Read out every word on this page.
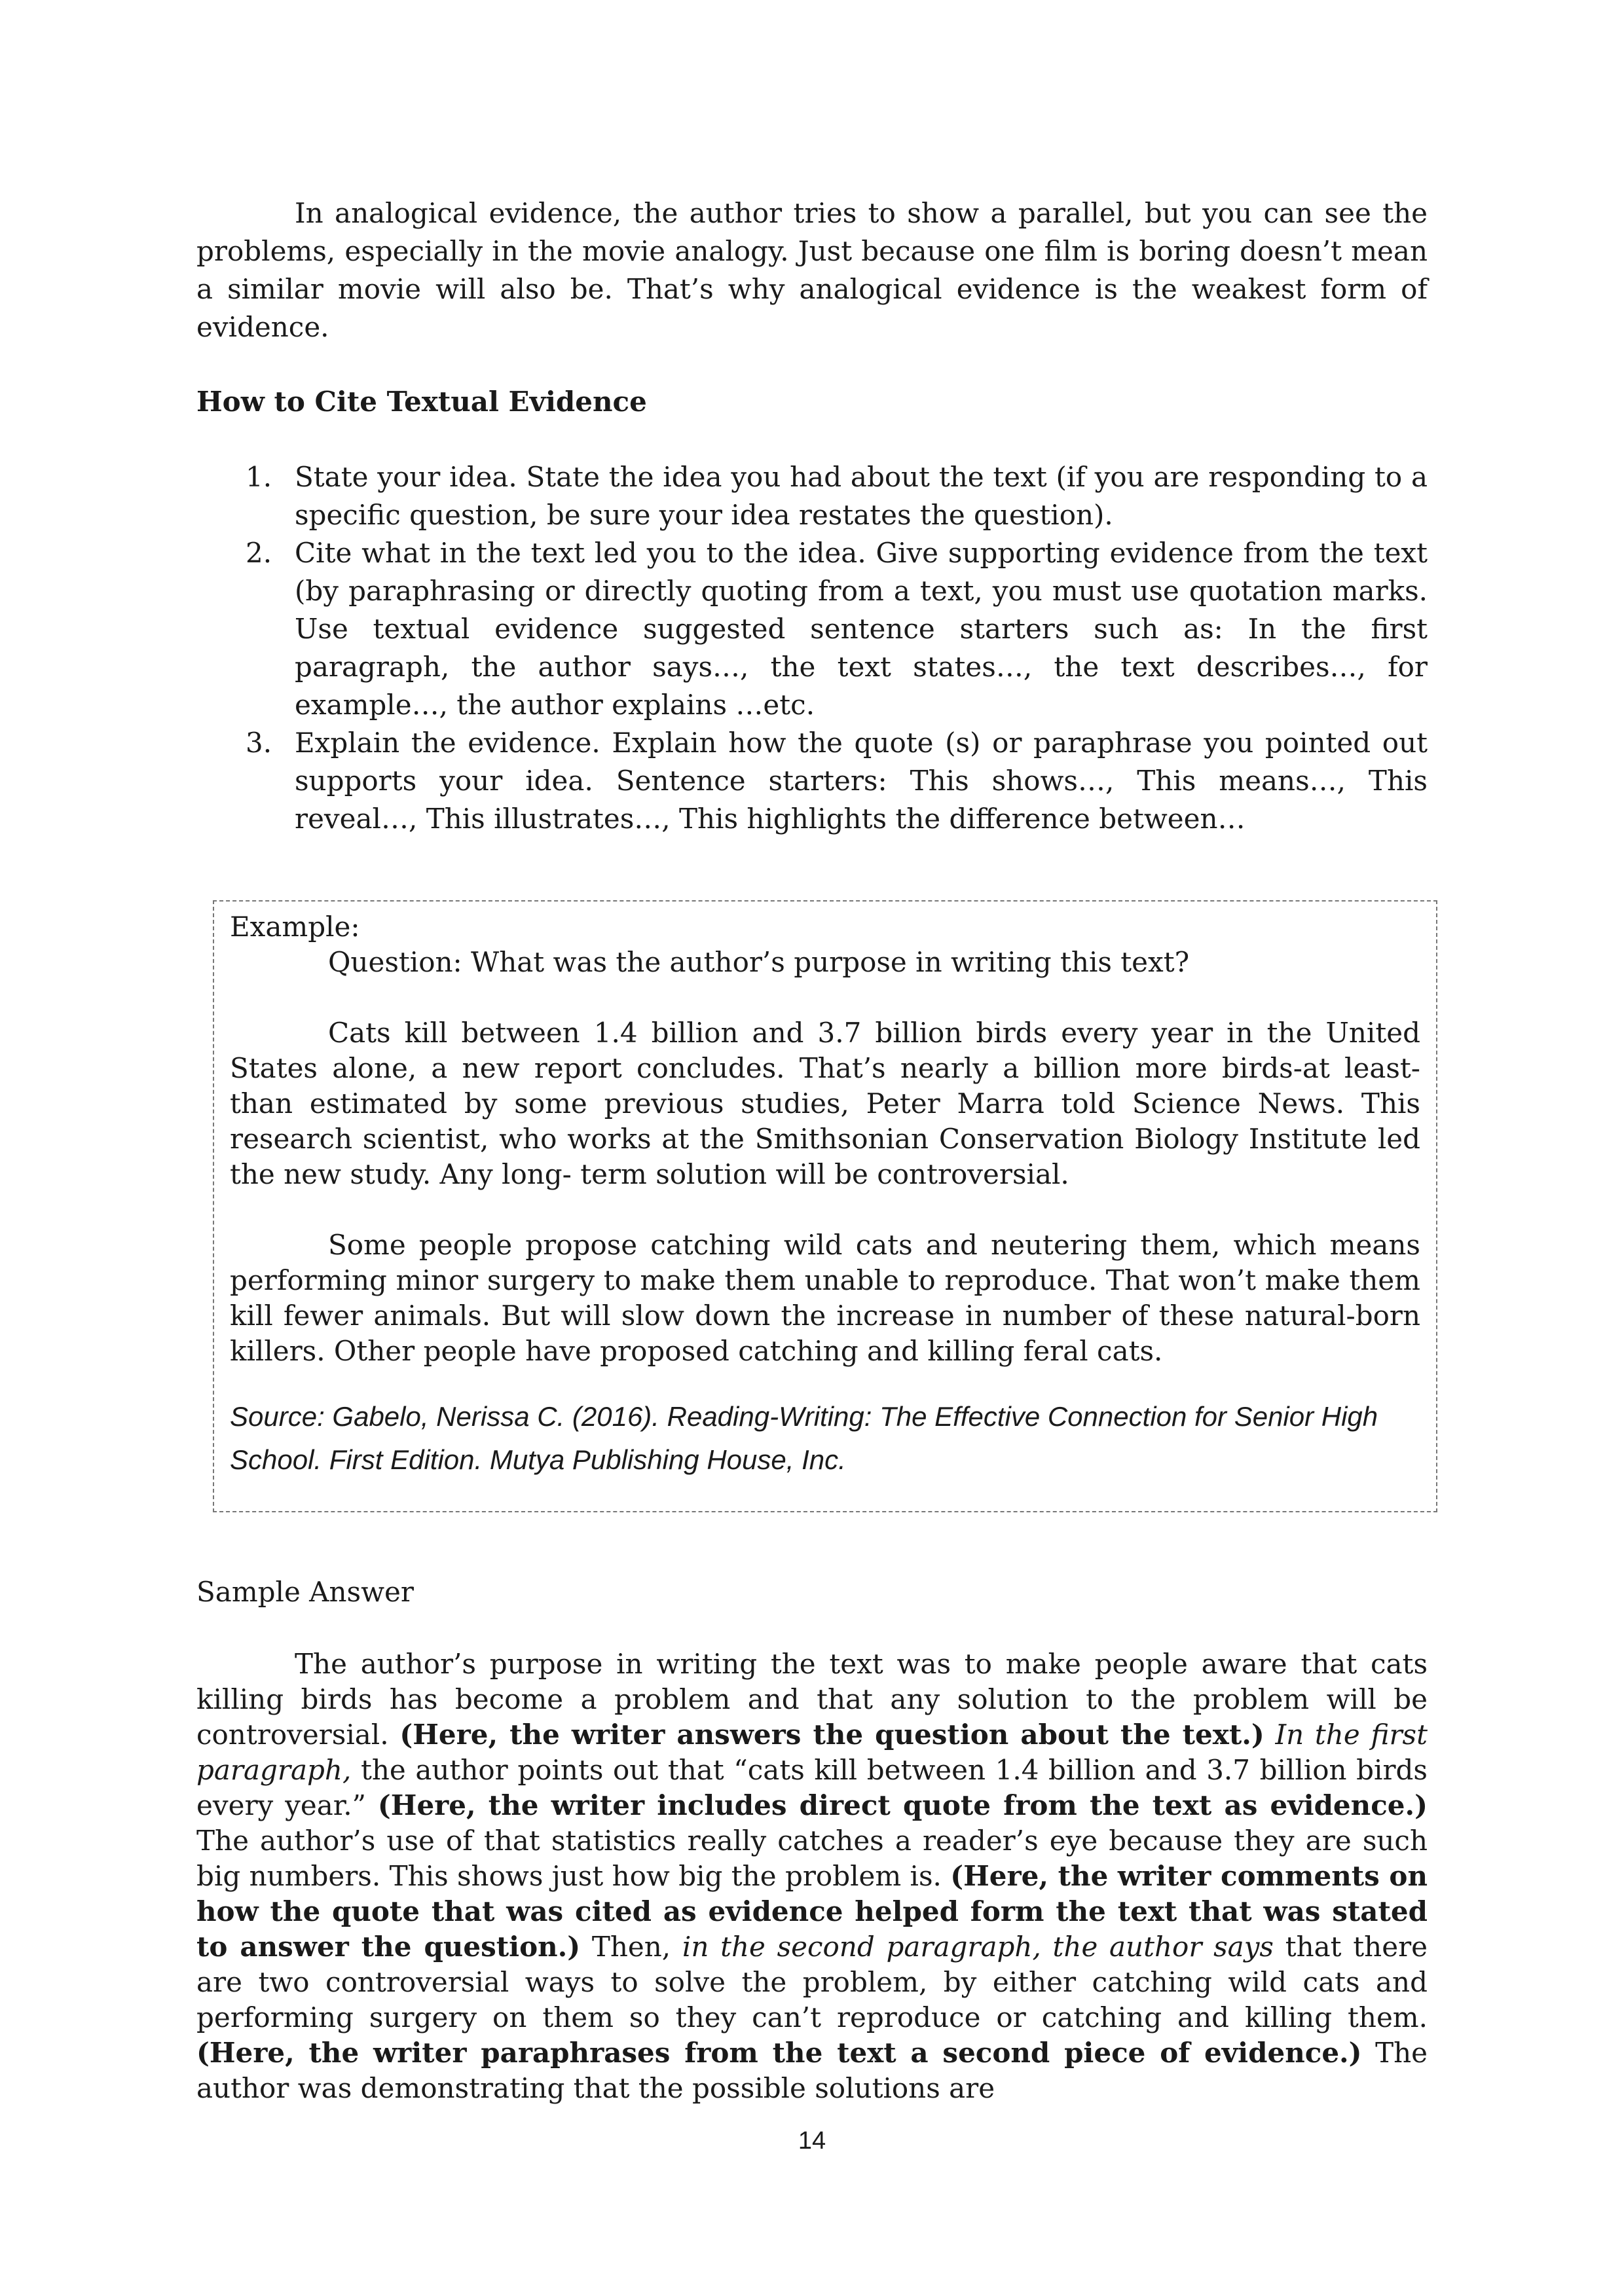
In analogical evidence, the author tries to show a parallel, but you can see the problems, especially in the movie analogy. Just because one film is boring doesn’t mean a similar movie will also be. That’s why analogical evidence is the weakest form of evidence.

How to Cite Textual Evidence

1. State your idea. State the idea you had about the text (if you are responding to a specific question, be sure your idea restates the question).
2. Cite what in the text led you to the idea. Give supporting evidence from the text (by paraphrasing or directly quoting from a text, you must use quotation marks. Use textual evidence suggested sentence starters such as: In the first paragraph, the author says…, the text states…, the text describes…, for example…, the author explains …etc.
3. Explain the evidence. Explain how the quote (s) or paraphrase you pointed out supports your idea. Sentence starters: This shows…, This means…, This reveal…, This illustrates…, This highlights the difference between…

Example:

Question: What was the author’s purpose in writing this text?

Cats kill between 1.4 billion and 3.7 billion birds every year in the United States alone, a new report concludes. That’s nearly a billion more birds-at least- than estimated by some previous studies, Peter Marra told Science News. This research scientist, who works at the Smithsonian Conservation Biology Institute led the new study. Any long- term solution will be controversial.

Some people propose catching wild cats and neutering them, which means performing minor surgery to make them unable to reproduce. That won’t make them kill fewer animals. But will slow down the increase in number of these natural-born killers. Other people have proposed catching and killing feral cats.

Source: Gabelo, Nerissa C. (2016). Reading-Writing: The Effective Connection for Senior High School. First Edition. Mutya Publishing House, Inc.

Sample Answer

The author’s purpose in writing the text was to make people aware that cats killing birds has become a problem and that any solution to the problem will be controversial. (Here, the writer answers the question about the text.) In the first paragraph, the author points out that “cats kill between 1.4 billion and 3.7 billion birds every year.” (Here, the writer includes direct quote from the text as evidence.) The author’s use of that statistics really catches a reader’s eye because they are such big numbers. This shows just how big the problem is. (Here, the writer comments on how the quote that was cited as evidence helped form the text that was stated to answer the question.) Then, in the second paragraph, the author says that there are two controversial ways to solve the problem, by either catching wild cats and performing surgery on them so they can’t reproduce or catching and killing them. (Here, the writer paraphrases from the text a second piece of evidence.) The author was demonstrating that the possible solutions are

14
